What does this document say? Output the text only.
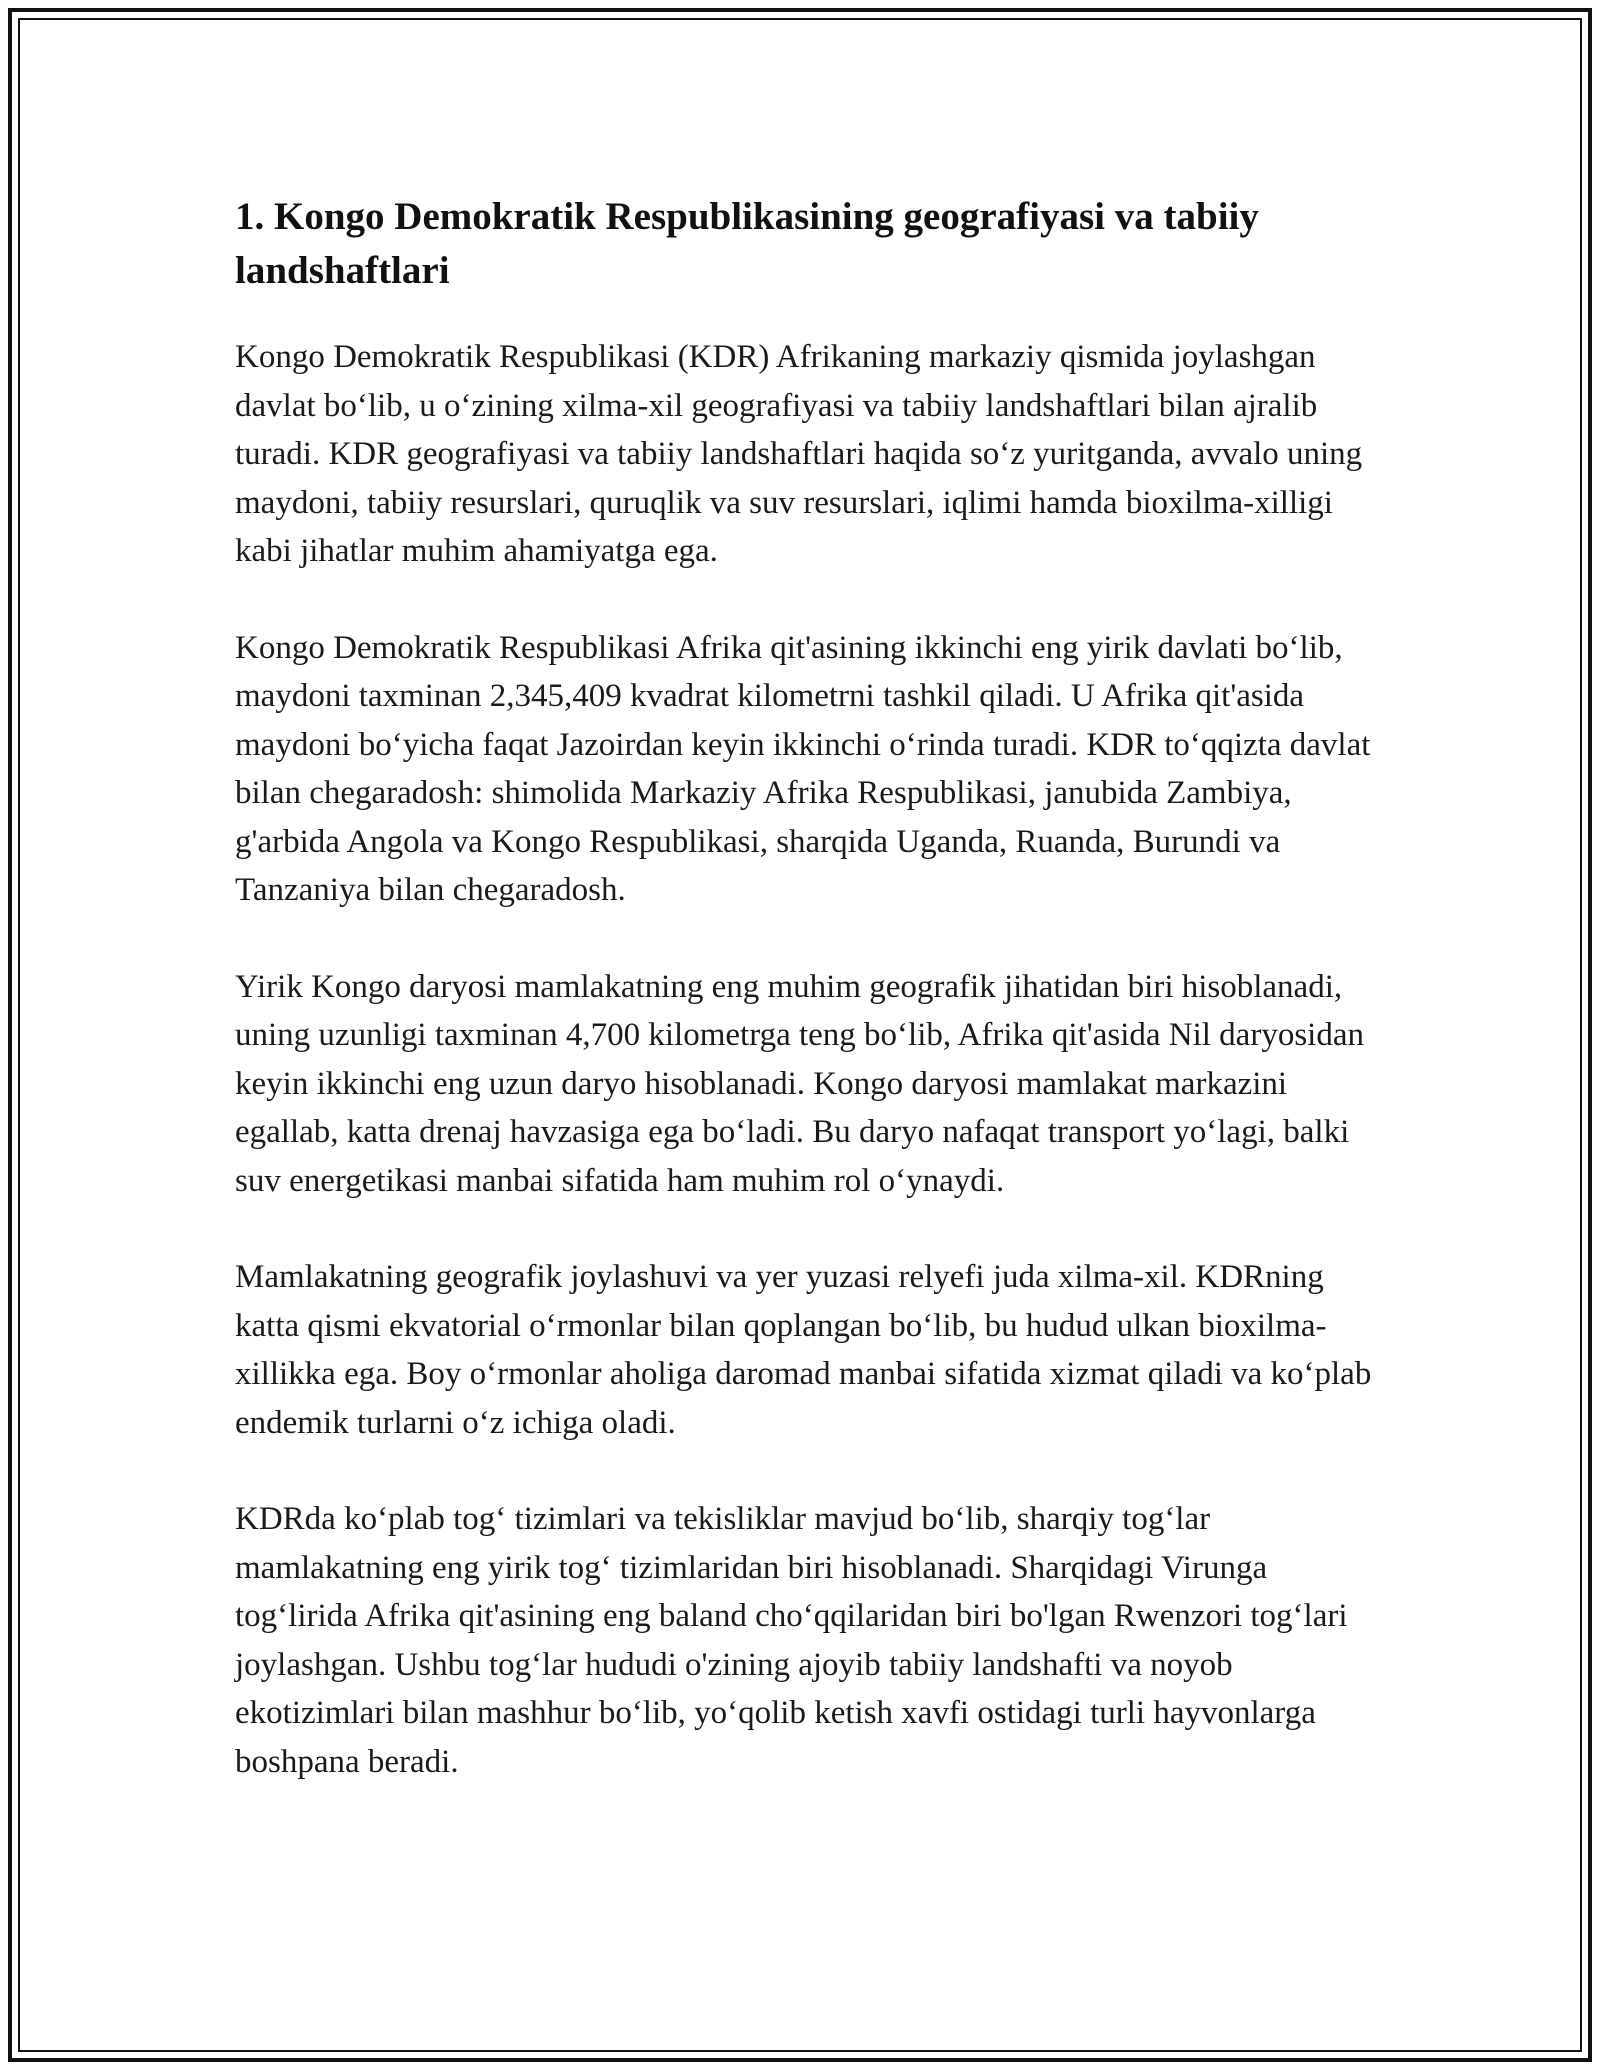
1. Kongo Demokratik Respublikasining geografiyasi va tabiiy landshaftlari

Kongo Demokratik Respublikasi (KDR) Afrikaning markaziy qismida joylashgan davlat boʻlib, u oʻzining xilma-xil geografiyasi va tabiiy landshaftlari bilan ajralib turadi. KDR geografiyasi va tabiiy landshaftlari haqida soʻz yuritganda, avvalo uning maydoni, tabiiy resurslari, quruqlik va suv resurslari, iqlimi hamda bioxilma-xilligi kabi jihatlar muhim ahamiyatga ega.

Kongo Demokratik Respublikasi Afrika qit'asining ikkinchi eng yirik davlati boʻlib, maydoni taxminan 2,345,409 kvadrat kilometrni tashkil qiladi. U Afrika qit'asida maydoni boʻyicha faqat Jazoirdan keyin ikkinchi oʻrinda turadi. KDR toʻqqizta davlat bilan chegaradosh: shimolida Markaziy Afrika Respublikasi, janubida Zambiya, g'arbida Angola va Kongo Respublikasi, sharqida Uganda, Ruanda, Burundi va Tanzaniya bilan chegaradosh.

Yirik Kongo daryosi mamlakatning eng muhim geografik jihatidan biri hisoblanadi, uning uzunligi taxminan 4,700 kilometrga teng boʻlib, Afrika qit'asida Nil daryosidan keyin ikkinchi eng uzun daryo hisoblanadi. Kongo daryosi mamlakat markazini egallab, katta drenaj havzasiga ega boʻladi. Bu daryo nafaqat transport yoʻlagi, balki suv energetikasi manbai sifatida ham muhim rol oʻynaydi.

Mamlakatning geografik joylashuvi va yer yuzasi relyefi juda xilma-xil. KDRning katta qismi ekvatorial oʻrmonlar bilan qoplangan boʻlib, bu hudud ulkan bioxilma-xillikka ega. Boy oʻrmonlar aholiga daromad manbai sifatida xizmat qiladi va koʻplab endemik turlarni oʻz ichiga oladi.

KDRda koʻplab togʻ tizimlari va tekisliklar mavjud boʻlib, sharqiy togʻlar mamlakatning eng yirik togʻ tizimlaridan biri hisoblanadi. Sharqidagi Virunga togʻlirida Afrika qit'asining eng baland choʻqqilaridan biri bo'lgan Rwenzori togʻlari joylashgan. Ushbu togʻlar hududi o'zining ajoyib tabiiy landshafti va noyob ekotizimlari bilan mashhur boʻlib, yoʻqolib ketish xavfi ostidagi turli hayvonlarga boshpana beradi.
